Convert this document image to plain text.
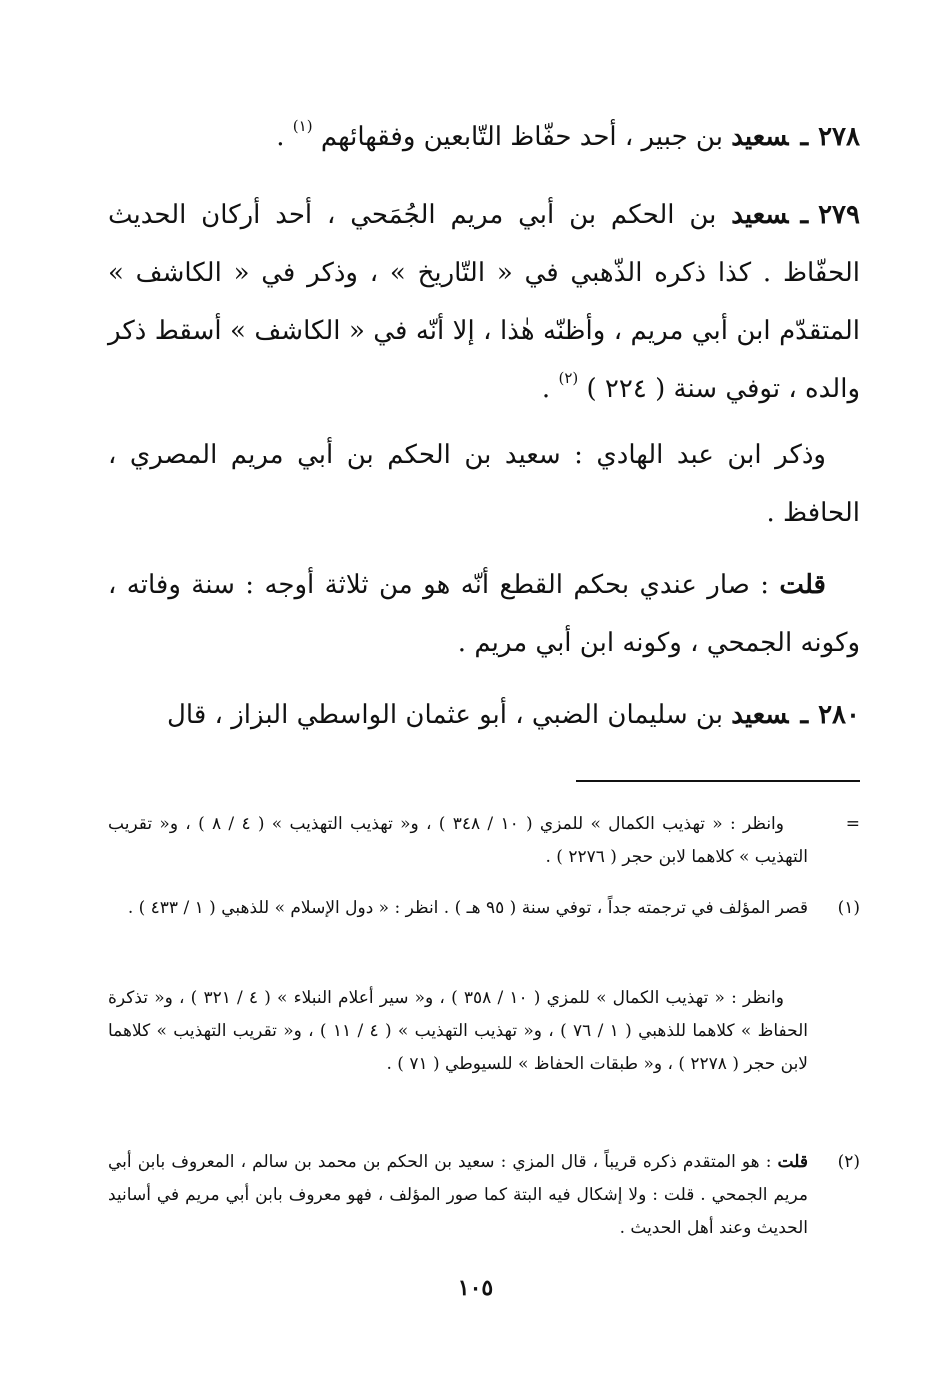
٢٧٨ـسعيد بن جبير ، أحد حفّاظ التّابعين وفقهائهم $^{(١)}$ .
٢٧٩ـسعيد بن الحكم بن أبي مريم الجُمَحي ، أحد أركان الحديث الحفّاظ . كذا ذكره الذّهبي في « التّاريخ » ، وذكر في « الكاشف » المتقدّم ابن أبي مريم ، وأظنّه هٰذا ، إلا أنّه في « الكاشف » أسقط ذكر والده ، توفي سنة ( ٢٢٤ ) $^{(٢)}$ .
وذكر ابن عبد الهادي : سعيد بن الحكم بن أبي مريم المصري ، الحافظ .
قلت : صار عندي بحكم القطع أنّه هو من ثلاثة أوجه : سنة وفاته ، وكونه الجمحي ، وكونه ابن أبي مريم .
٢٨٠ـسعيد بن سليمان الضبي ، أبو عثمان الواسطي البزاز ، قال
=
وانظر : « تهذيب الكمال » للمزي ( ١٠ / ٣٤٨ ) ، و« تهذيب التهذيب » ( ٤ / ٨ ) ، و« تقريب التهذيب » كلاهما لابن حجر ( ٢٢٧٦ ) .
(١)
قصر المؤلف في ترجمته جداً ، توفي سنة ( ٩٥ هـ ) . انظر : « دول الإسلام » للذهبي ( ١ / ٤٣٣ ) .
وانظر : « تهذيب الكمال » للمزي ( ١٠ / ٣٥٨ ) ، و« سير أعلام النبلاء » ( ٤ / ٣٢١ ) ، و« تذكرة الحفاظ » كلاهما للذهبي ( ١ / ٧٦ ) ، و« تهذيب التهذيب » ( ٤ / ١١ ) ، و« تقريب التهذيب » كلاهما لابن حجر ( ٢٢٧٨ ) ، و« طبقات الحفاظ » للسيوطي ( ٧١ ) .
(٢)
قلت : هو المتقدم ذكره قريباً ، قال المزي : سعيد بن الحكم بن محمد بن سالم ، المعروف بابن أبي مريم الجمحي . قلت : ولا إشكال فيه البتة كما صور المؤلف ، فهو معروف بابن أبي مريم في أسانيد الحديث وعند أهل الحديث .
١٠٥
